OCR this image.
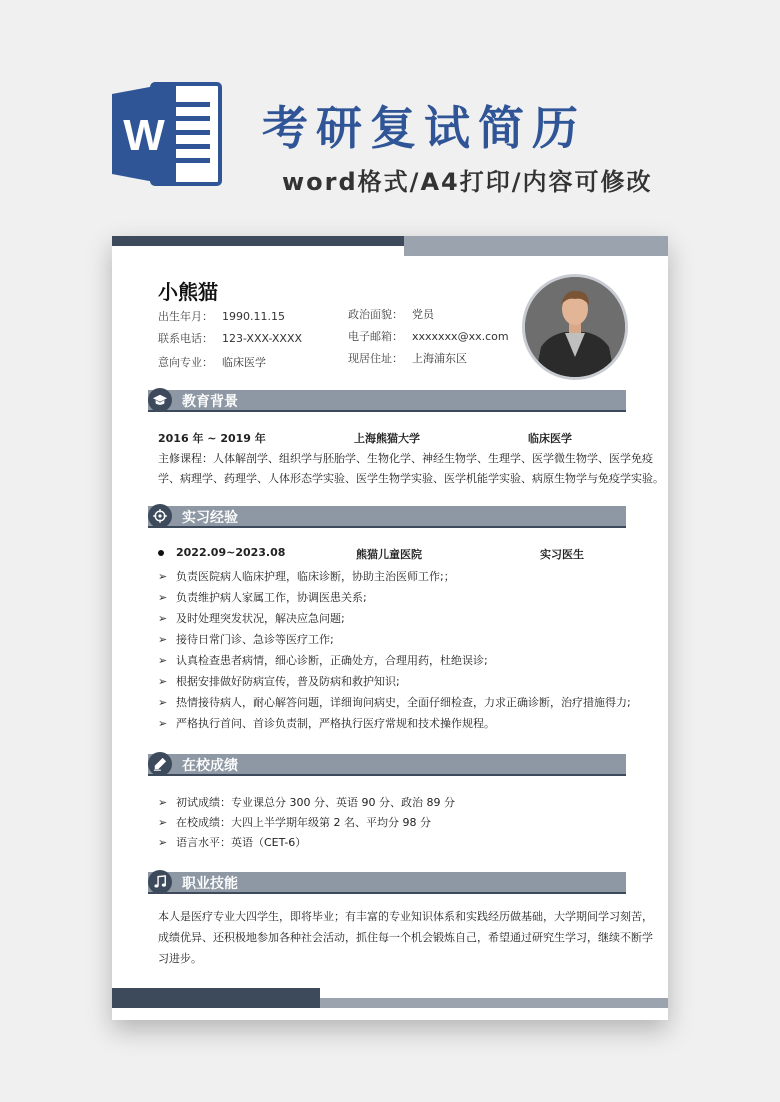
W 考研复试简历
word格式/A4打印/内容可修改
小熊猫
出生年月： 1990.11.15
联系电话： 123-XXX-XXXX
意向专业： 临床医学
政治面貌： 党员
电子邮箱： xxxxxxx@xx.com
现居住址： 上海浦东区
教育背景
2016 年 ~ 2019 年	上海熊猫大学	临床医学
主修课程：人体解剖学、组织学与胚胎学、生物化学、神经生物学、生理学、医学微生物学、医学免疫
学、病理学、药理学、人体形态学实验、医学生物学实验、医学机能学实验、病原生物学与免疫学实验。
实习经验
2022.09~2023.08	熊猫儿童医院	实习医生
➢ 负责医院病人临床护理，临床诊断，协助主治医师工作;；
➢ 负责维护病人家属工作，协调医患关系;
➢ 及时处理突发状况，解决应急问题;
➢ 接待日常门诊、急诊等医疗工作;
➢ 认真检查患者病情，细心诊断，正确处方，合理用药，杜绝误诊;
➢ 根据安排做好防病宣传，普及防病和救护知识;
➢ 热情接待病人，耐心解答问题，详细询问病史，全面仔细检查，力求正确诊断，治疗措施得力;
➢ 严格执行首问、首诊负责制，严格执行医疗常规和技术操作规程。
在校成绩
➢ 初试成绩：专业课总分 300 分、英语 90 分、政治 89 分
➢ 在校成绩：大四上半学期年级第 2 名、平均分 98 分
➢ 语言水平：英语（CET-6）
职业技能
本人是医疗专业大四学生，即将毕业；有丰富的专业知识体系和实践经历做基础，大学期间学习刻苦，
成绩优异、还积极地参加各种社会活动，抓住每一个机会锻炼自己，希望通过研究生学习，继续不断学
习进步。
